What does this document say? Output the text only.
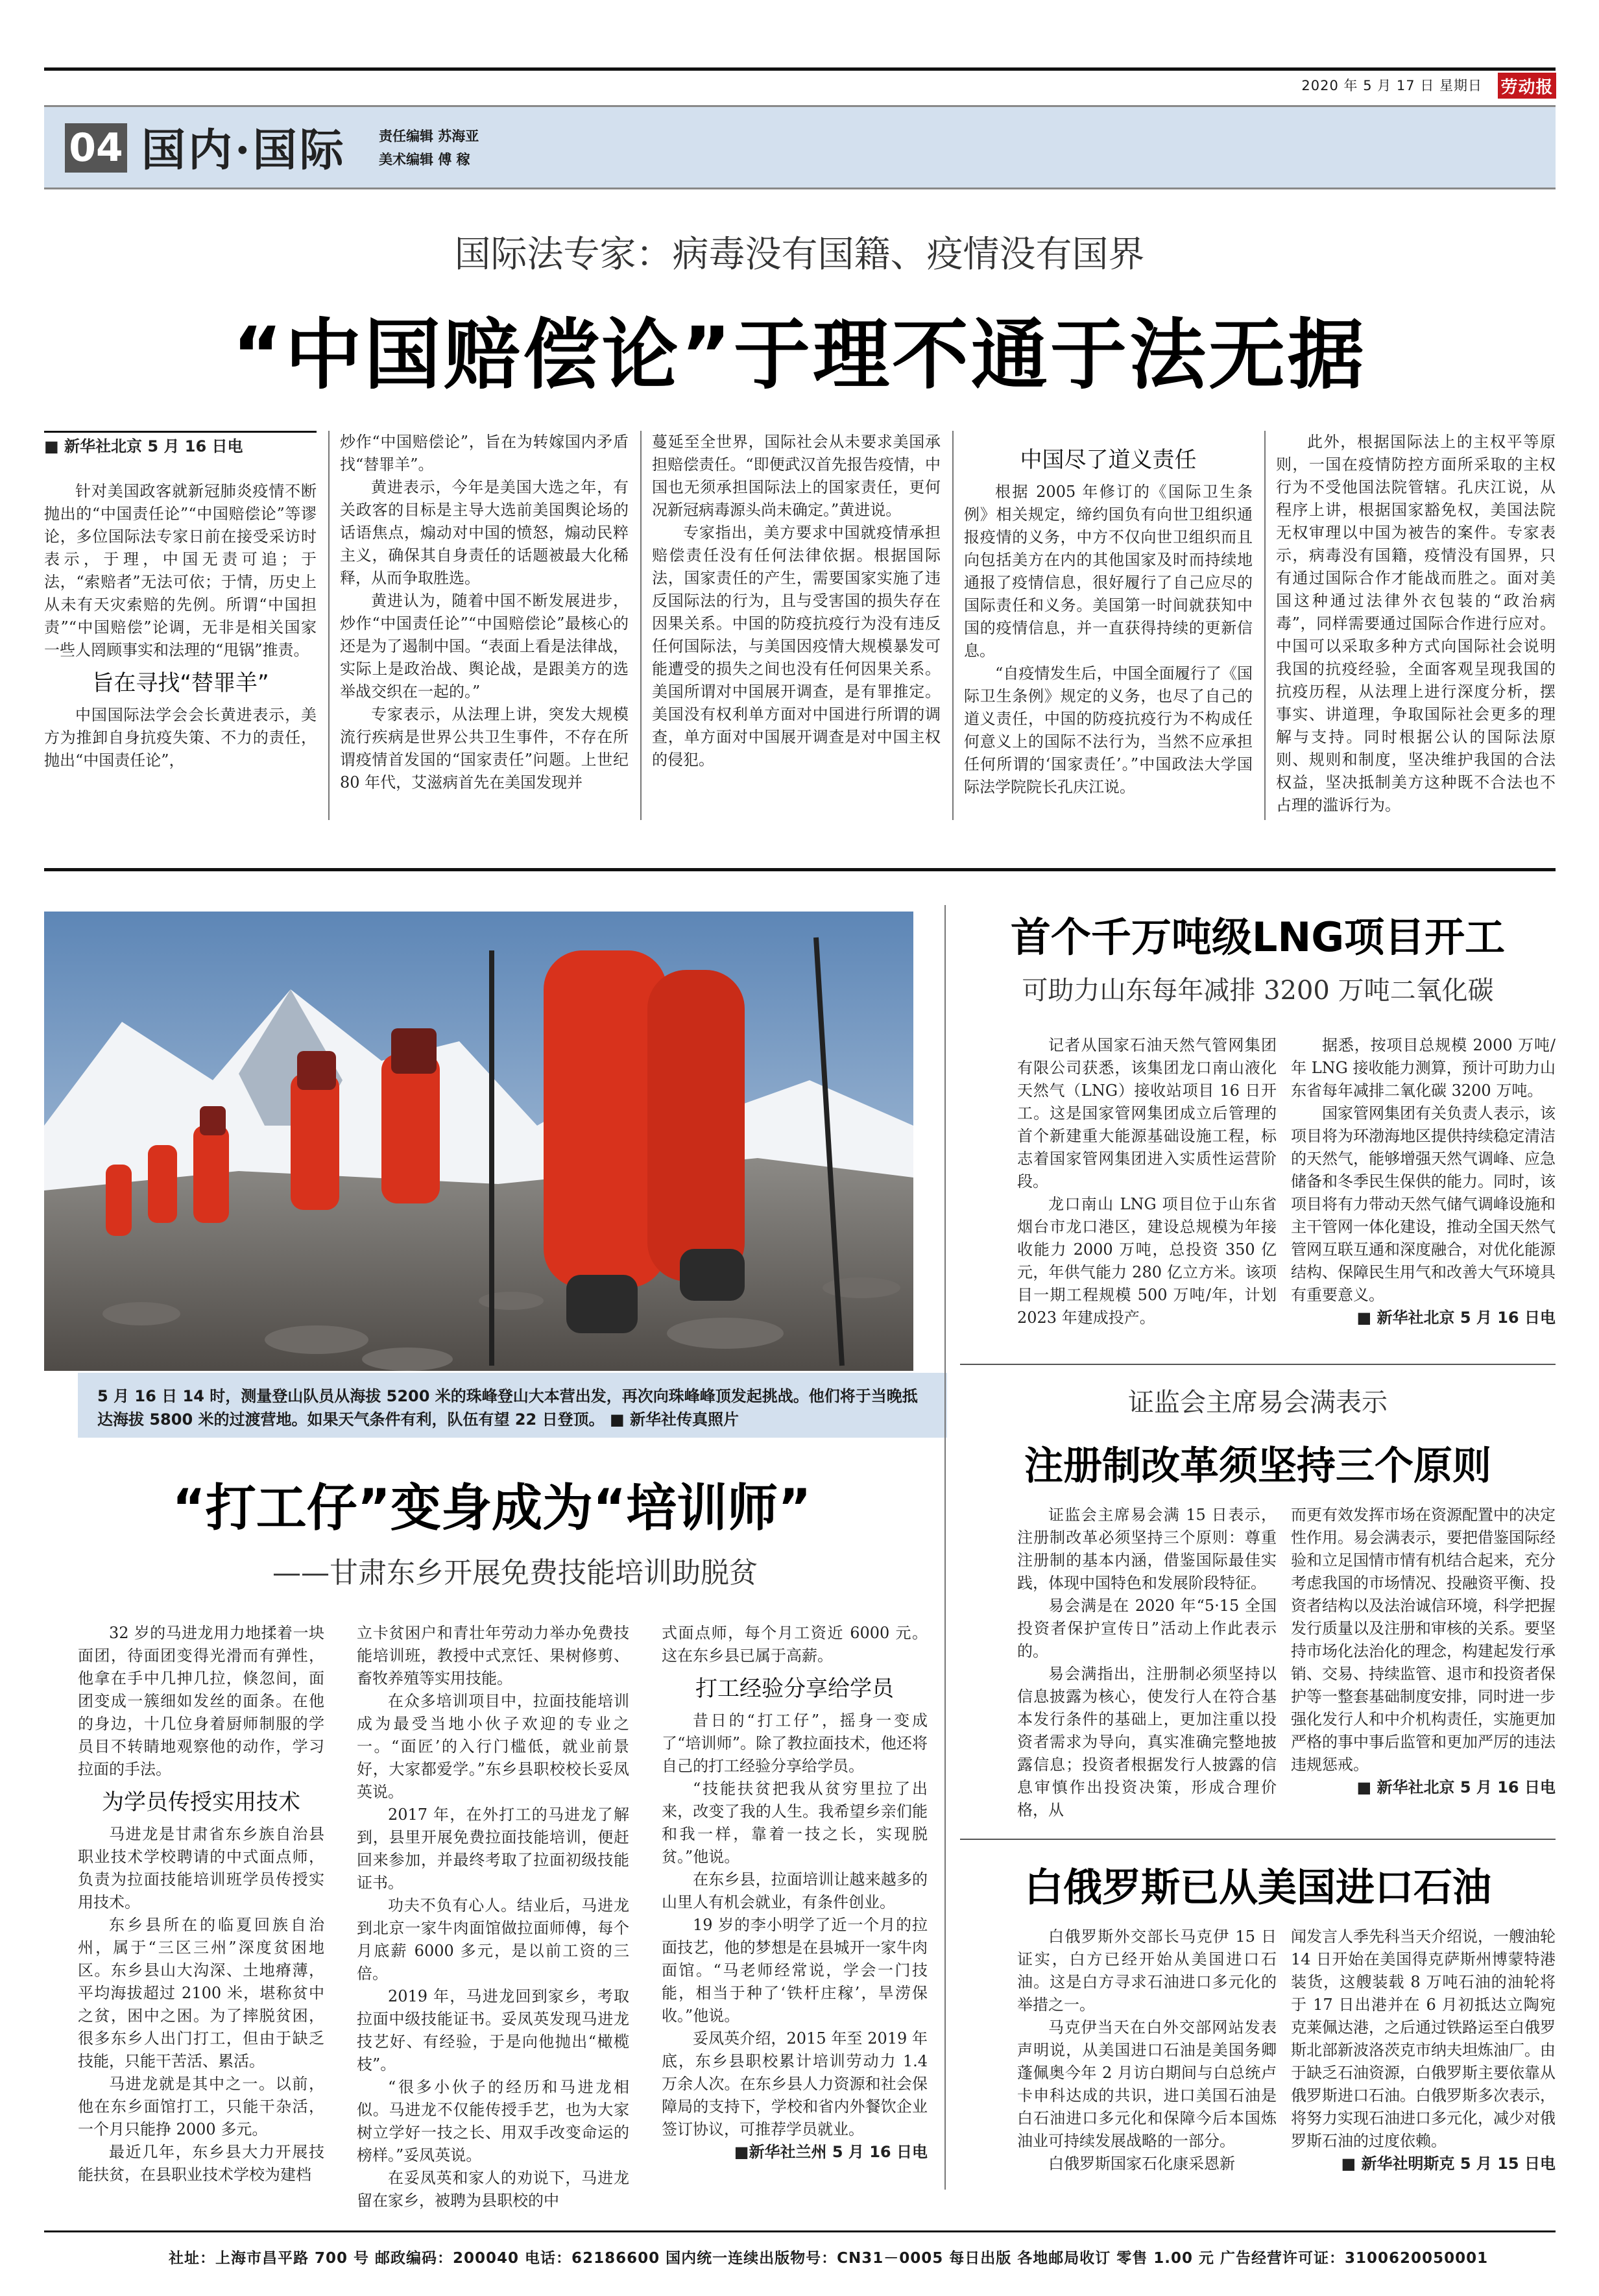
2020 年 5 月 17 日 星期日 劳动报
04 国内·国际 责任编辑 苏海亚
美术编辑 傅 稼
国际法专家：病毒没有国籍、疫情没有国界
“中国赔偿论”于理不通于法无据

■ 新华社北京 5 月 16 日电

针对美国政客就新冠肺炎疫情不断抛出的“中国责任论”“中国赔偿论”等谬论，多位国际法专家日前在接受采访时表示，于理，中国无责可追；于法，“索赔者”无法可依；于情，历史上从未有天灾索赔的先例。所谓“中国担责”“中国赔偿”论调，无非是相关国家一些人罔顾事实和法理的“甩锅”推责。

旨在寻找“替罪羊”

中国国际法学会会长黄进表示，美方为推卸自身抗疫失策、不力的责任，抛出“中国责任论”，

炒作“中国赔偿论”，旨在为转嫁国内矛盾找“替罪羊”。

黄进表示，今年是美国大选之年，有关政客的目标是主导大选前美国舆论场的话语焦点，煽动对中国的愤怒，煽动民粹主义，确保其自身责任的话题被最大化稀释，从而争取胜选。

黄进认为，随着中国不断发展进步，炒作“中国责任论”“中国赔偿论”最核心的还是为了遏制中国。“表面上看是法律战，实际上是政治战、舆论战，是跟美方的选举战交织在一起的。”

专家表示，从法理上讲，突发大规模流行疾病是世界公共卫生事件，不存在所谓疫情首发国的“国家责任”问题。上世纪 80 年代，艾滋病首先在美国发现并

蔓延至全世界，国际社会从未要求美国承担赔偿责任。“即便武汉首先报告疫情，中国也无须承担国际法上的国家责任，更何况新冠病毒源头尚未确定。”黄进说。

专家指出，美方要求中国就疫情承担赔偿责任没有任何法律依据。根据国际法，国家责任的产生，需要国家实施了违反国际法的行为，且与受害国的损失存在因果关系。中国的防疫抗疫行为没有违反任何国际法，与美国因疫情大规模暴发可能遭受的损失之间也没有任何因果关系。美国所谓对中国展开调查，是有罪推定。美国没有权利单方面对中国进行所谓的调查，单方面对中国展开调查是对中国主权的侵犯。

中国尽了道义责任

根据 2005 年修订的《国际卫生条例》相关规定，缔约国负有向世卫组织通报疫情的义务，中方不仅向世卫组织而且向包括美方在内的其他国家及时而持续地通报了疫情信息，很好履行了自己应尽的国际责任和义务。美国第一时间就获知中国的疫情信息，并一直获得持续的更新信息。

“自疫情发生后，中国全面履行了《国际卫生条例》规定的义务，也尽了自己的道义责任，中国的防疫抗疫行为不构成任何意义上的国际不法行为，当然不应承担任何所谓的‘国家责任’。”中国政法大学国际法学院院长孔庆江说。

此外，根据国际法上的主权平等原则，一国在疫情防控方面所采取的主权行为不受他国法院管辖。孔庆江说，从程序上讲，根据国家豁免权，美国法院无权审理以中国为被告的案件。专家表示，病毒没有国籍，疫情没有国界，只有通过国际合作才能战而胜之。面对美国这种通过法律外衣包装的“政治病毒”，同样需要通过国际合作进行应对。中国可以采取多种方式向国际社会说明我国的抗疫经验，全面客观呈现我国的抗疫历程，从法理上进行深度分析，摆事实、讲道理，争取国际社会更多的理解与支持。同时根据公认的国际法原则、规则和制度，坚决维护我国的合法权益，坚决抵制美方这种既不合法也不占理的滥诉行为。

5 月 16 日 14 时，测量登山队员从海拔 5200 米的珠峰登山大本营出发，再次向珠峰峰顶发起挑战。他们将于当晚抵达海拔 5800 米的过渡营地。如果天气条件有利，队伍有望 22 日登顶。 ■ 新华社传真照片
首个千万吨级LNG项目开工
可助力山东每年减排 3200 万吨二氧化碳

记者从国家石油天然气管网集团有限公司获悉，该集团龙口南山液化天然气（LNG）接收站项目 16 日开工。这是国家管网集团成立后管理的首个新建重大能源基础设施工程，标志着国家管网集团进入实质性运营阶段。

龙口南山 LNG 项目位于山东省烟台市龙口港区，建设总规模为年接收能力 2000 万吨，总投资 350 亿元，年供气能力 280 亿立方米。该项目一期工程规模 500 万吨/年，计划 2023 年建成投产。

据悉，按项目总规模 2000 万吨/年 LNG 接收能力测算，预计可助力山东省每年减排二氧化碳 3200 万吨。

国家管网集团有关负责人表示，该项目将为环渤海地区提供持续稳定清洁的天然气，能够增强天然气调峰、应急储备和冬季民生保供的能力。同时，该项目将有力带动天然气储气调峰设施和主干管网一体化建设，推动全国天然气管网互联互通和深度融合，对优化能源结构、保障民生用气和改善大气环境具有重要意义。

■ 新华社北京 5 月 16 日电

证监会主席易会满表示
注册制改革须坚持三个原则

证监会主席易会满 15 日表示，注册制改革必须坚持三个原则：尊重注册制的基本内涵，借鉴国际最佳实践，体现中国特色和发展阶段特征。

易会满是在 2020 年“5·15 全国投资者保护宣传日”活动上作此表示的。

易会满指出，注册制必须坚持以信息披露为核心，使发行人在符合基本发行条件的基础上，更加注重以投资者需求为导向，真实准确完整地披露信息；投资者根据发行人披露的信息审慎作出投资决策，形成合理价格，从

而更有效发挥市场在资源配置中的决定性作用。易会满表示，要把借鉴国际经验和立足国情市情有机结合起来，充分考虑我国的市场情况、投融资平衡、投资者结构以及法治诚信环境，科学把握发行质量以及注册和审核的关系。要坚持市场化法治化的理念，构建起发行承销、交易、持续监管、退市和投资者保护等一整套基础制度安排，同时进一步强化发行人和中介机构责任，实施更加严格的事中事后监管和更加严厉的违法违规惩戒。

■ 新华社北京 5 月 16 日电

白俄罗斯已从美国进口石油

白俄罗斯外交部长马克伊 15 日证实，白方已经开始从美国进口石油。这是白方寻求石油进口多元化的举措之一。

马克伊当天在白外交部网站发表声明说，从美国进口石油是美国务卿蓬佩奥今年 2 月访白期间与白总统卢卡申科达成的共识，进口美国石油是白石油进口多元化和保障今后本国炼油业可持续发展战略的一部分。

白俄罗斯国家石化康采恩新

闻发言人季先科当天介绍说，一艘油轮 14 日开始在美国得克萨斯州博蒙特港装货，这艘装载 8 万吨石油的油轮将于 17 日出港并在 6 月初抵达立陶宛克莱佩达港，之后通过铁路运至白俄罗斯北部新波洛茨克市纳夫坦炼油厂。由于缺乏石油资源，白俄罗斯主要依靠从俄罗斯进口石油。白俄罗斯多次表示，将努力实现石油进口多元化，减少对俄罗斯石油的过度依赖。

■ 新华社明斯克 5 月 15 日电

“打工仔”变身成为“培训师”
——甘肃东乡开展免费技能培训助脱贫

32 岁的马进龙用力地揉着一块面团，待面团变得光滑而有弹性，他拿在手中几抻几拉，倏忽间，面团变成一簇细如发丝的面条。在他的身边，十几位身着厨师制服的学员目不转睛地观察他的动作，学习拉面的手法。

为学员传授实用技术

马进龙是甘肃省东乡族自治县职业技术学校聘请的中式面点师，负责为拉面技能培训班学员传授实用技术。

东乡县所在的临夏回族自治州，属于“三区三州”深度贫困地区。东乡县山大沟深、土地瘠薄，平均海拔超过 2100 米，堪称贫中之贫，困中之困。为了摔脱贫困，很多东乡人出门打工，但由于缺乏技能，只能干苦活、累活。

马进龙就是其中之一。以前，他在东乡面馆打工，只能干杂活，一个月只能挣 2000 多元。

最近几年，东乡县大力开展技能扶贫，在县职业技术学校为建档

立卡贫困户和青壮年劳动力举办免费技能培训班，教授中式烹饪、果树修剪、畜牧养殖等实用技能。

在众多培训项目中，拉面技能培训成为最受当地小伙子欢迎的专业之一。“面匠’的入行门槛低，就业前景好，大家都爱学。”东乡县职校校长妥凤英说。

2017 年，在外打工的马进龙了解到，县里开展免费拉面技能培训，便赶回来参加，并最终考取了拉面初级技能证书。

功夫不负有心人。结业后，马进龙到北京一家牛肉面馆做拉面师傅，每个月底薪 6000 多元，是以前工资的三倍。

2019 年，马进龙回到家乡，考取拉面中级技能证书。妥凤英发现马进龙技艺好、有经验，于是向他抛出“橄榄枝”。

“很多小伙子的经历和马进龙相似。马进龙不仅能传授手艺，也为大家树立学好一技之长、用双手改变命运的榜样。”妥凤英说。

在妥凤英和家人的劝说下，马进龙留在家乡，被聘为县职校的中

式面点师，每个月工资近 6000 元。这在东乡县已属于高薪。

打工经验分享给学员

昔日的“打工仔”，摇身一变成了“培训师”。除了教拉面技术，他还将自己的打工经验分享给学员。

“技能扶贫把我从贫穷里拉了出来，改变了我的人生。我希望乡亲们能和我一样，靠着一技之长，实现脱贫。”他说。

在东乡县，拉面培训让越来越多的山里人有机会就业，有条件创业。

19 岁的李小明学了近一个月的拉面技艺，他的梦想是在县城开一家牛肉面馆。“马老师经常说，学会一门技能，相当于种了‘铁杆庄稼’，旱涝保收。”他说。

妥凤英介绍，2015 年至 2019 年底，东乡县职校累计培训劳动力 1.4 万余人次。在东乡县人力资源和社会保障局的支持下，学校和省内外餐饮企业签订协议，可推荐学员就业。

■新华社兰州 5 月 16 日电

社址：上海市昌平路 700 号 邮政编码：200040 电话：62186600 国内统一连续出版物号：CN31－0005 每日出版 各地邮局收订 零售 1.00 元 广告经营许可证：3100620050001
